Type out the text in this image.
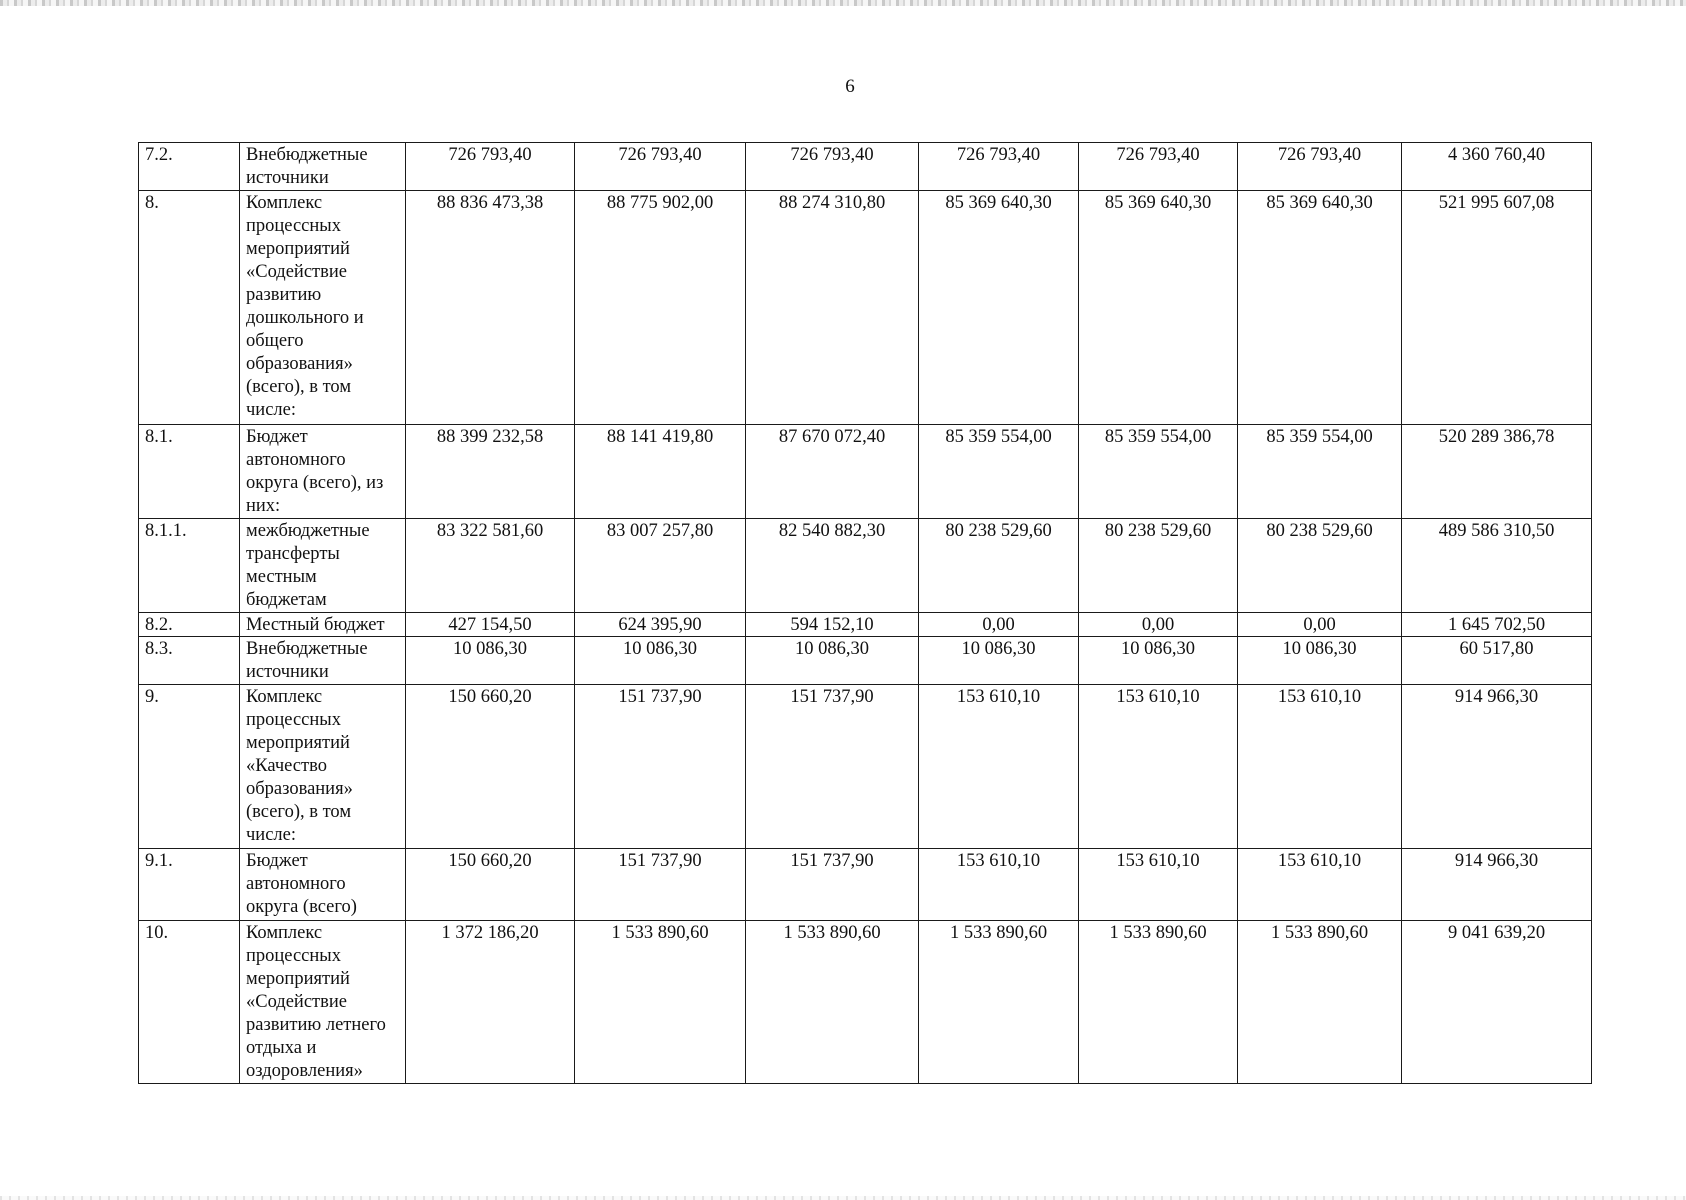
6
7.2.	Внебюджетные источники	726 793,40	726 793,40	726 793,40	726 793,40	726 793,40	726 793,40	4 360 760,40
8.	Комплекс процессных мероприятий «Содействие развитию дошкольного и общего образования» (всего), в том числе:	88 836 473,38	88 775 902,00	88 274 310,80	85 369 640,30	85 369 640,30	85 369 640,30	521 995 607,08
8.1.	Бюджет автономного округа (всего), из них:	88 399 232,58	88 141 419,80	87 670 072,40	85 359 554,00	85 359 554,00	85 359 554,00	520 289 386,78
8.1.1.	межбюджетные трансферты местным бюджетам	83 322 581,60	83 007 257,80	82 540 882,30	80 238 529,60	80 238 529,60	80 238 529,60	489 586 310,50
8.2.	Местный бюджет	427 154,50	624 395,90	594 152,10	0,00	0,00	0,00	1 645 702,50
8.3.	Внебюджетные источники	10 086,30	10 086,30	10 086,30	10 086,30	10 086,30	10 086,30	60 517,80
9.	Комплекс процессных мероприятий «Качество образования» (всего), в том числе:	150 660,20	151 737,90	151 737,90	153 610,10	153 610,10	153 610,10	914 966,30
9.1.	Бюджет автономного округа (всего)	150 660,20	151 737,90	151 737,90	153 610,10	153 610,10	153 610,10	914 966,30
10.	Комплекс процессных мероприятий «Содействие развитию летнего отдыха и оздоровления»	1 372 186,20	1 533 890,60	1 533 890,60	1 533 890,60	1 533 890,60	1 533 890,60	9 041 639,20
